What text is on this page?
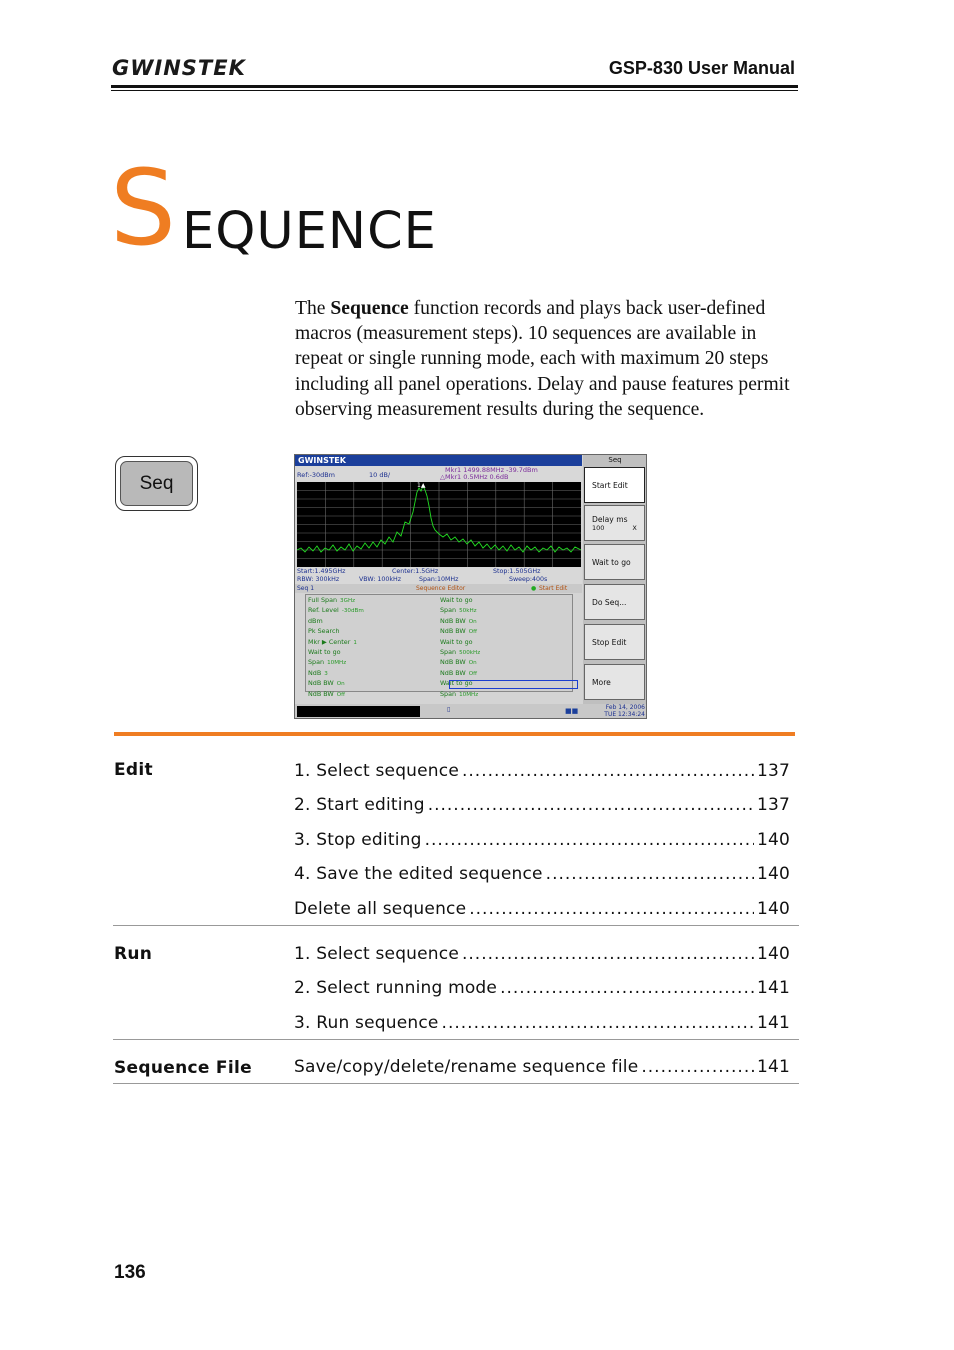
GWINSTEK	GSP-830 User Manual
S EQUENCE
The Sequence function records and plays back user-defined macros (measurement steps). 10 sequences are available in repeat or single running mode, each with maximum 20 steps including all panel operations. Delay and pause features permit observing measurement results during the sequence.
Seq
GWINSTEK
Ref:-30dBm	10 dB/
Mkr1 1499.88MHz -39.7dBm
△Mkr1 0.5MHz 0.6dB
1▲
Start:1.495GHz	Center:1.5GHz	Stop:1.505GHz
RBW: 300kHz	VBW: 100kHz	Span:10MHz	Sweep:400s
Seq 1	Sequence Editor	● Start Edit
Full Span 3GHz
Ref. Level -30dBm
dBm
Pk Search
Mkr ▶ Center 1
Wait to go
Span 10MHz
NdB 3
NdB BW On
NdB BW Off
Wait to go
Span 50kHz
NdB BW On
NdB BW Off
Wait to go
Span 500kHz
NdB BW On
NdB BW Off
Wait to go
Span 10MHz
▯	■■	Feb 14, 2006
TUE 12:34:24
Seq
Start Edit
Delay ms
100	X
Wait to go
Do Seq...
Stop Edit
More
Edit	1. Select sequence .....	137
2. Start editing .....	137
3. Stop editing .....	140
4. Save the edited sequence .....	140
Delete all sequence .....	140
Run	1. Select sequence .....	140
2. Select running mode .....	141
3. Run sequence .....	141
Sequence File Save/copy/delete/rename sequence file .....	141
136
